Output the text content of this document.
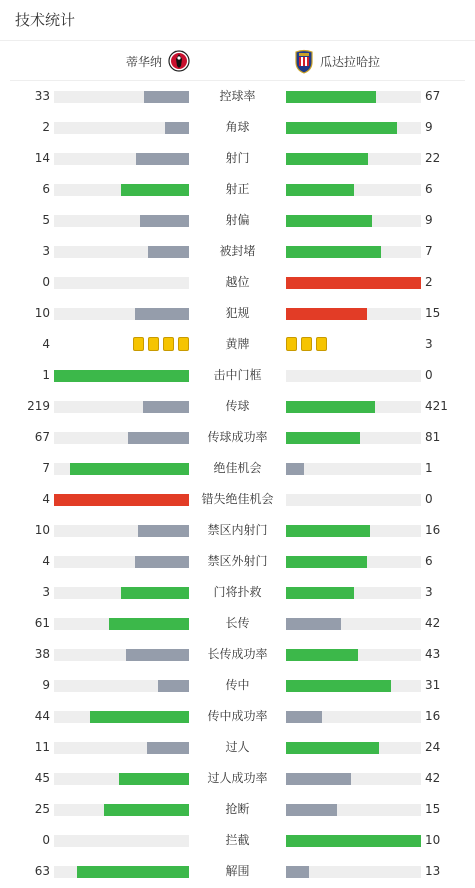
技术统计
蒂华纳	瓜达拉哈拉
33	控球率	67
2	角球	9
14	射门	22
6	射正	6
5	射偏	9
3	被封堵	7
0	越位	2
10	犯规	15
4	黄牌	3
1	击中门框	0
219	传球	421
67	传球成功率	81
7	绝佳机会	1
4	错失绝佳机会	0
10	禁区内射门	16
4	禁区外射门	6
3	门将扑救	3
61	长传	42
38	长传成功率	43
9	传中	31
44	传中成功率	16
11	过人	24
45	过人成功率	42
25	抢断	15
0	拦截	10
63	解围	13
